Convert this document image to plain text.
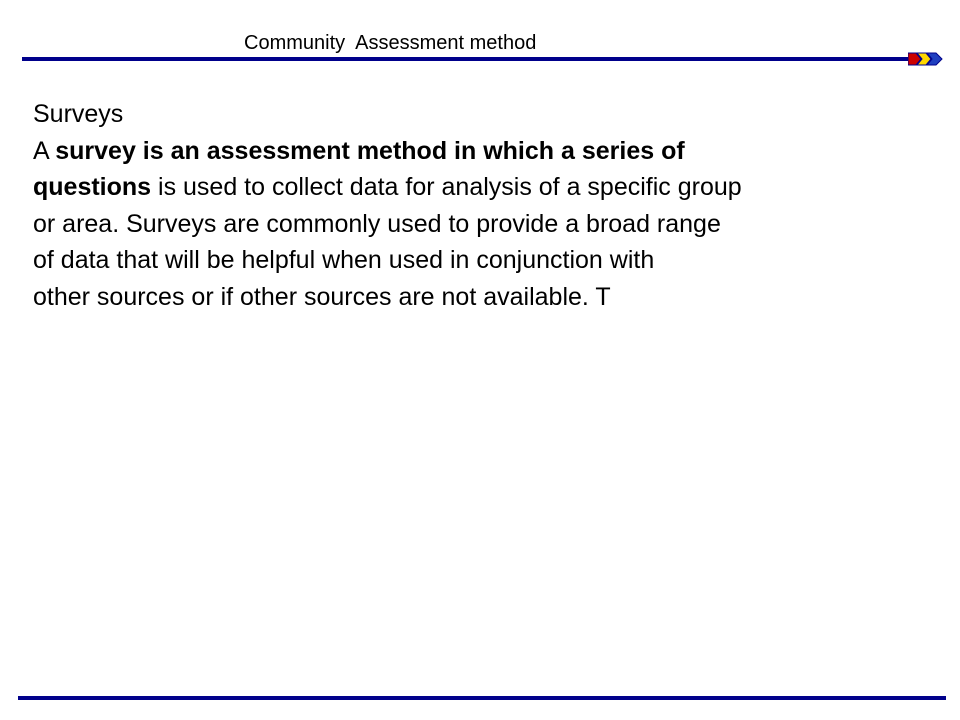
Community  Assessment method

Surveys

A survey is an assessment method in which a series of

questions is used to collect data for analysis of a specific group

or area. Surveys are commonly used to provide a broad range

of data that will be helpful when used in conjunction with

other sources or if other sources are not available. T
